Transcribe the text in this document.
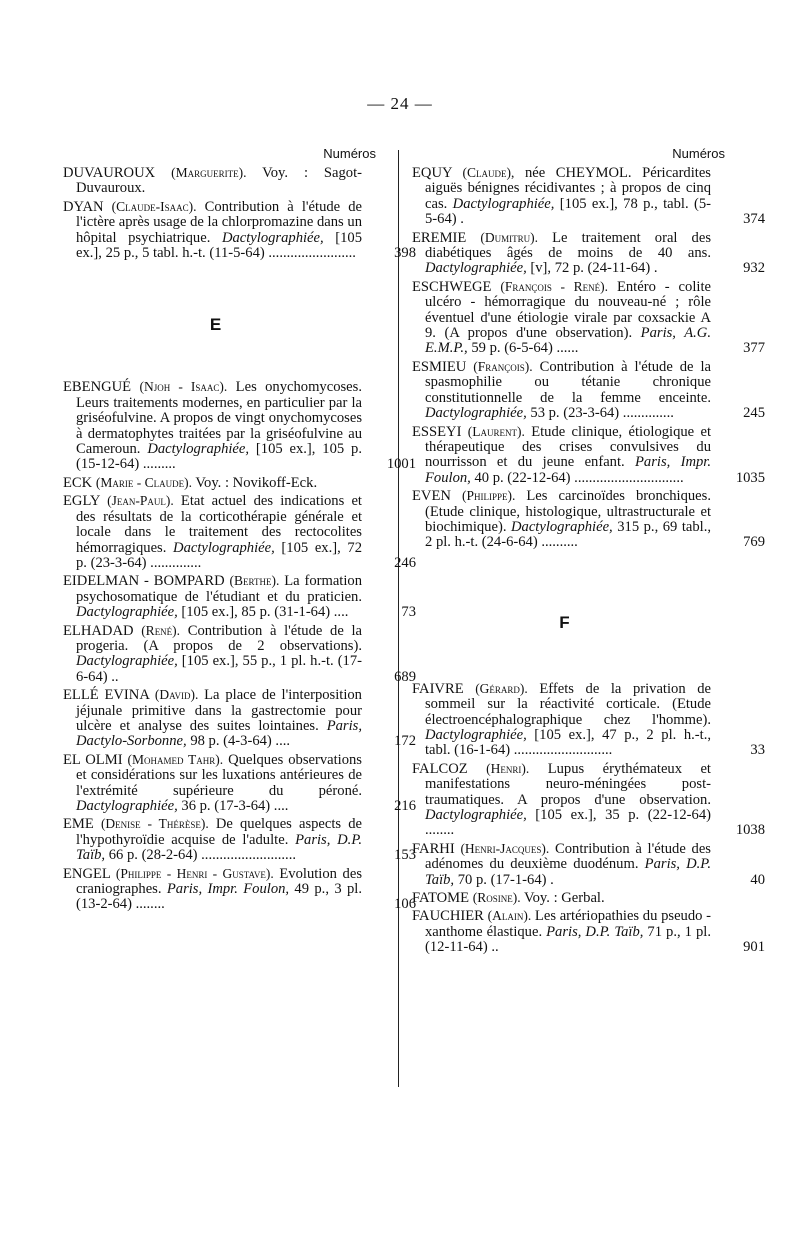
— 24 —
Numéros
DUVAUROUX (Marguerite). Voy. : Sagot-Duvauroux.
DYAN (Claude-Isaac). Contribution à l'étude de l'ictère après usage de la chlorpromazine dans un hôpital psychiatrique. Dactylographiée, [105 ex.], 25 p., 5 tabl. h.-t. (11-5-64) ........................	398
E
EBENGUÉ (Njoh - Isaac). Les onychomycoses. Leurs traitements modernes, en particulier par la griséofulvine. A propos de vingt onychomycoses à dermatophytes traitées par la griséofulvine au Cameroun. Dactylographiée, [105 ex.], 105 p. (15-12-64) .........	1001
ECK (Marie - Claude). Voy. : Novikoff-Eck.
EGLY (Jean-Paul). Etat actuel des indications et des résultats de la corticothérapie générale et locale dans le traitement des rectocolites hémorragiques. Dactylographiée, [105 ex.], 72 p. (23-3-64) ..............	246
EIDELMAN - BOMPARD (Berthe). La formation psychosomatique de l'étudiant et du praticien. Dactylographiée, [105 ex.], 85 p. (31-1-64) ....	73
ELHADAD (René). Contribution à l'étude de la progeria. (A propos de 2 observations). Dactylographiée, [105 ex.], 55 p., 1 pl. h.-t. (17-6-64) ..	689
ELLÉ EVINA (David). La place de l'interposition jéjunale primitive dans la gastrectomie pour ulcère et analyse des suites lointaines. Paris, Dactylo-Sorbonne, 98 p. (4-3-64) ....	172
EL OLMI (Mohamed Tahr). Quelques observations et considérations sur les luxations antérieures de l'extrémité supérieure du péroné. Dactylographiée, 36 p. (17-3-64) ....	216
EME (Denise - Thérèse). De quelques aspects de l'hypothyroïdie acquise de l'adulte. Paris, D.P. Taïb, 66 p. (28-2-64) ..........................	153
ENGEL (Philippe - Henri - Gustave). Evolution des craniographes. Paris, Impr. Foulon, 49 p., 3 pl. (13-2-64) ........	106
Numéros
EQUY (Claude), née CHEYMOL. Péricardites aiguës bénignes récidivantes ; à propos de cinq cas. Dactylographiée, [105 ex.], 78 p., tabl. (5-5-64) .	374
EREMIE (Dumitru). Le traitement oral des diabétiques âgés de moins de 40 ans. Dactylographiée, [v], 72 p. (24-11-64) .	932
ESCHWEGE (François - René). Entéro - colite ulcéro - hémorragique du nouveau-né ; rôle éventuel d'une étiologie virale par coxsackie A 9. (A propos d'une observation). Paris, A.G. E.M.P., 59 p. (6-5-64) ......	377
ESMIEU (François). Contribution à l'étude de la spasmophilie ou tétanie chronique constitutionnelle de la femme enceinte. Dactylographiée, 53 p. (23-3-64) ..............	245
ESSEYI (Laurent). Etude clinique, étiologique et thérapeutique des crises convulsives du nourrisson et du jeune enfant. Paris, Impr. Foulon, 40 p. (22-12-64) ..............................	1035
EVEN (Philippe). Les carcinoïdes bronchiques. (Etude clinique, histologique, ultrastructurale et biochimique). Dactylographiée, 315 p., 69 tabl., 2 pl. h.-t. (24-6-64) ..........	769
F
FAIVRE (Gérard). Effets de la privation de sommeil sur la réactivité corticale. (Etude électroencéphalographique chez l'homme). Dactylographiée, [105 ex.], 47 p., 2 pl. h.-t., tabl. (16-1-64) ...........................	33
FALCOZ (Henri). Lupus érythémateux et manifestations neuro-méningées post-traumatiques. A propos d'une observation. Dactylographiée, [105 ex.], 35 p. (22-12-64) ........	1038
FARHI (Henri-Jacques). Contribution à l'étude des adénomes du deuxième duodénum. Paris, D.P. Taïb, 70 p. (17-1-64) .	40
FATOME (Rosine). Voy. : Gerbal.
FAUCHIER (Alain). Les artériopathies du pseudo - xanthome élastique. Paris, D.P. Taïb, 71 p., 1 pl. (12-11-64) ..	901
